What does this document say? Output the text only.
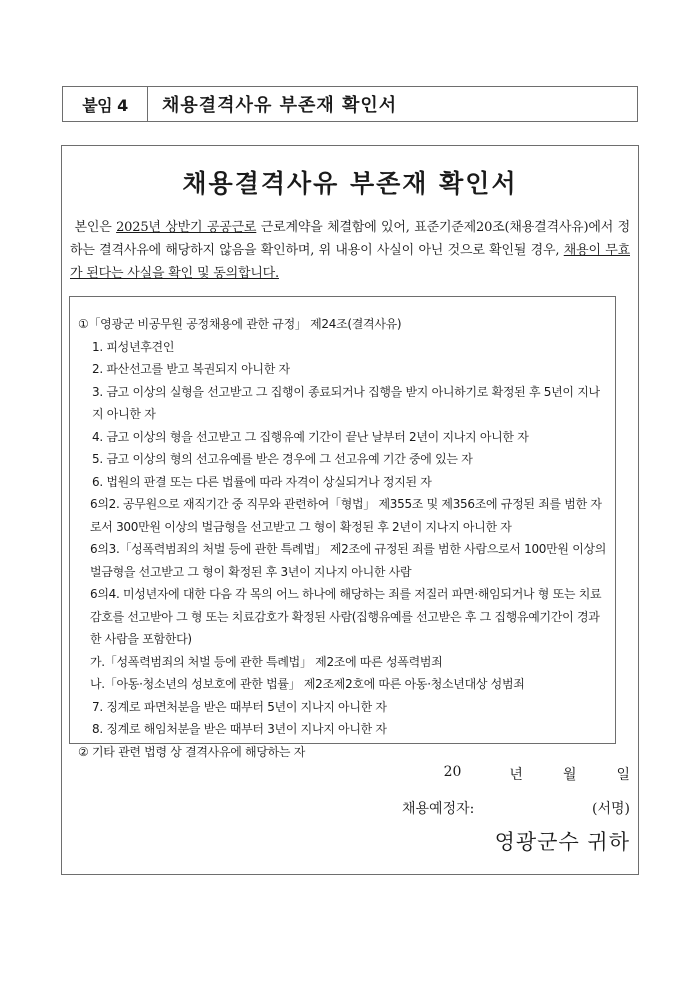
붙임 4	채용결격사유 부존재 확인서
채용결격사유 부존재 확인서
본인은 2025년 상반기 공공근로 근로계약을 체결함에 있어, 표준기준제20조(채용결격사유)에서 정하는 결격사유에 해당하지 않음을 확인하며, 위 내용이 사실이 아닌 것으로 확인될 경우, 채용이 무효가 된다는 사실을 확인 및 동의합니다.

①「영광군 비공무원 공정채용에 관한 규정」 제24조(결격사유)

1. 피성년후견인

2. 파산선고를 받고 복권되지 아니한 자

3. 금고 이상의 실형을 선고받고 그 집행이 종료되거나 집행을 받지 아니하기로 확정된 후 5년이 지나지 아니한 자

4. 금고 이상의 형을 선고받고 그 집행유예 기간이 끝난 날부터 2년이 지나지 아니한 자

5. 금고 이상의 형의 선고유예를 받은 경우에 그 선고유예 기간 중에 있는 자

6. 법원의 판결 또는 다른 법률에 따라 자격이 상실되거나 정지된 자

6의2. 공무원으로 재직기간 중 직무와 관련하여「형법」 제355조 및 제356조에 규정된 죄를 범한 자로서 300만원 이상의 벌금형을 선고받고 그 형이 확정된 후 2년이 지나지 아니한 자

6의3.「성폭력범죄의 처벌 등에 관한 특례법」 제2조에 규정된 죄를 범한 사람으로서 100만원 이상의 벌금형을 선고받고 그 형이 확정된 후 3년이 지나지 아니한 사람

6의4. 미성년자에 대한 다음 각 목의 어느 하나에 해당하는 죄를 저질러 파면·해임되거나 형 또는 치료감호를 선고받아 그 형 또는 치료감호가 확정된 사람(집행유예를 선고받은 후 그 집행유예기간이 경과한 사람을 포함한다)

가.「성폭력범죄의 처벌 등에 관한 특례법」 제2조에 따른 성폭력범죄

나.「아동·청소년의 성보호에 관한 법률」 제2조제2호에 따른 아동·청소년대상 성범죄

7. 징계로 파면처분을 받은 때부터 5년이 지나지 아니한 자

8. 징계로 해임처분을 받은 때부터 3년이 지나지 아니한 자

② 기타 관련 법령 상 결격사유에 해당하는 자

20	년	월	일
채용예정자:	(서명)
영광군수 귀하
